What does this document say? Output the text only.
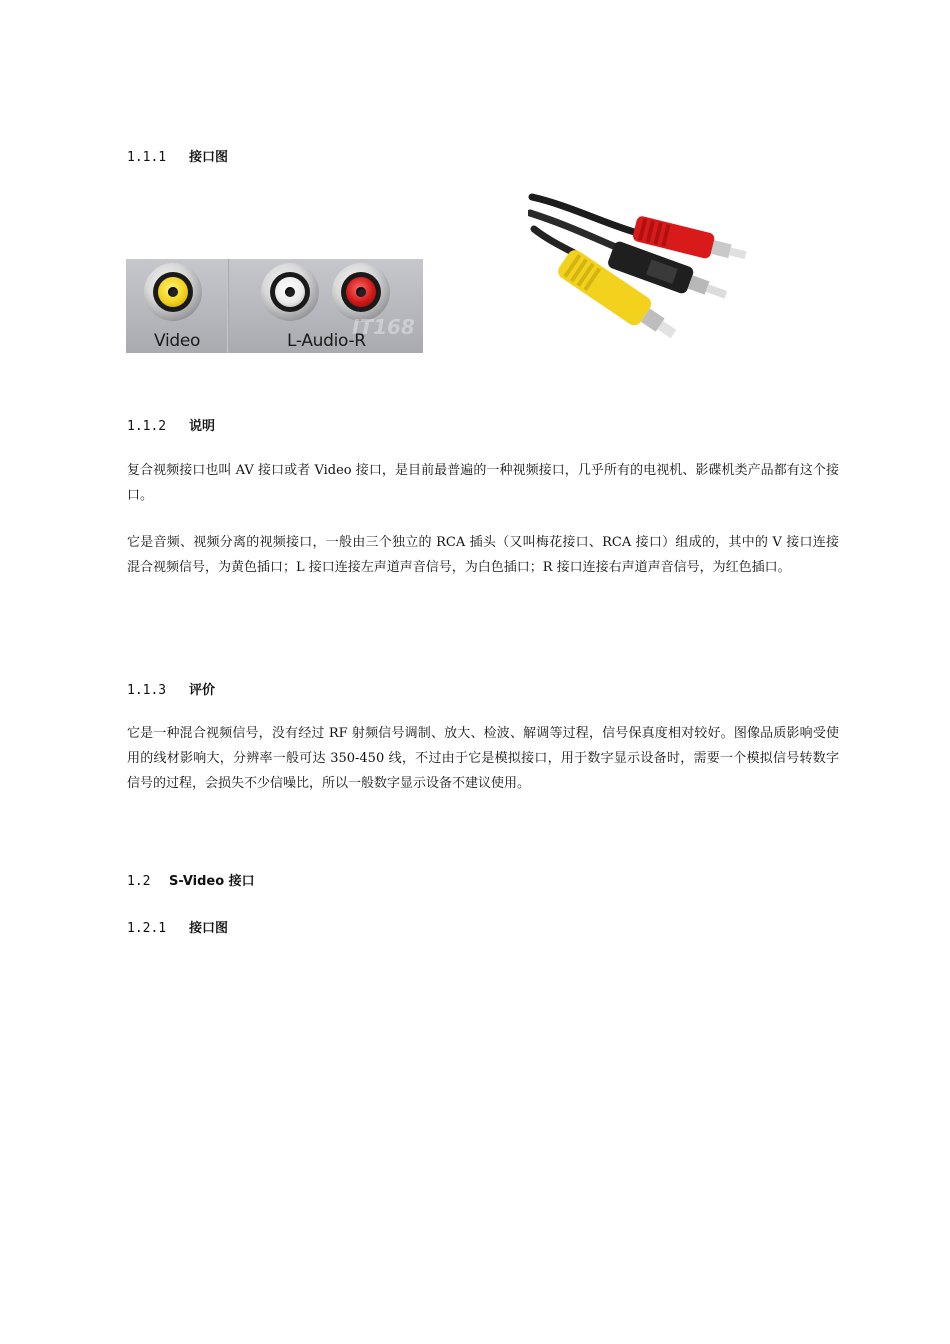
1.1.1 接口图
IT168
Video	L-Audio-R
1.1.2 说明
复合视频接口也叫 AV 接口或者 Video 接口，是目前最普遍的一种视频接口，几乎所有的电视机、影碟机类产品都有这个接口。
它是音频、视频分离的视频接口，一般由三个独立的 RCA 插头（又叫梅花接口、RCA 接口）组成的，其中的 V 接口连接混合视频信号，为黄色插口；L 接口连接左声道声音信号，为白色插口；R 接口连接右声道声音信号，为红色插口。
1.1.3 评价
它是一种混合视频信号，没有经过 RF 射频信号调制、放大、检波、解调等过程，信号保真度相对较好。图像品质影响受使用的线材影响大，分辨率一般可达 350-450 线，不过由于它是模拟接口，用于数字显示设备时，需要一个模拟信号转数字信号的过程，会损失不少信噪比，所以一般数字显示设备不建议使用。
1.2 S-Video 接口
1.2.1 接口图
